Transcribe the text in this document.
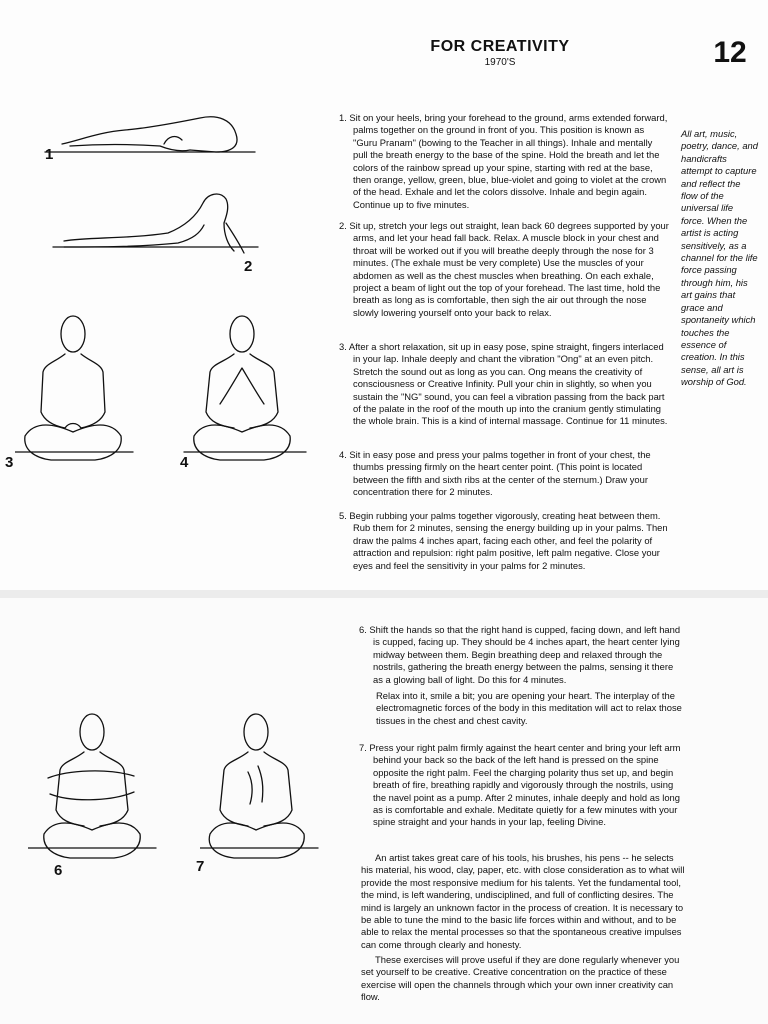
FOR CREATIVITY
1970'S	12
1
2
3	4
1. Sit on your heels, bring your forehead to the ground, arms extended forward, palms together on the ground in front of you. This position is known as "Guru Pranam" (bowing to the Teacher in all things). Inhale and mentally pull the breath energy to the base of the spine. Hold the breath and let the colors of the rainbow spread up your spine, starting with red at the base, then orange, yellow, green, blue, blue-violet and going to violet at the crown of the head. Exhale and let the colors dissolve. Inhale and begin again. Continue up to five minutes.
2. Sit up, stretch your legs out straight, lean back 60 degrees supported by your arms, and let your head fall back. Relax. A muscle block in your chest and throat will be worked out if you will breathe deeply through the nose for 3 minutes. (The exhale must be very complete) Use the muscles of your abdomen as well as the chest muscles when breathing. On each exhale, project a beam of light out the top of your forehead. The last time, hold the breath as long as is comfortable, then sigh the air out through the nose slowly lowering yourself onto your back to relax.
3. After a short relaxation, sit up in easy pose, spine straight, fingers interlaced in your lap. Inhale deeply and chant the vibration "Ong" at an even pitch. Stretch the sound out as long as you can. Ong means the creativity of consciousness or Creative Infinity. Pull your chin in slightly, so when you sustain the "NG" sound, you can feel a vibration passing from the back part of the palate in the roof of the mouth up into the cranium gently stimulating the whole brain. This is a kind of internal massage. Continue for 11 minutes.
4. Sit in easy pose and press your palms together in front of your chest, the thumbs pressing firmly on the heart center point. (This point is located between the fifth and sixth ribs at the center of the sternum.) Draw your concentration there for 2 minutes.
5. Begin rubbing your palms together vigorously, creating heat between them. Rub them for 2 minutes, sensing the energy building up in your palms. Then draw the palms 4 inches apart, facing each other, and feel the polarity of attraction and repulsion: right palm positive, left palm negative. Close your eyes and feel the sensitivity in your palms for 2 minutes.
All art, music, poetry, dance, and handicrafts attempt to capture and reflect the flow of the universal life force. When the artist is acting sensitively, as a channel for the life force passing through him, his art gains that grace and spontaneity which touches the essence of creation. In this sense, all art is worship of God.
6	7
6. Shift the hands so that the right hand is cupped, facing down, and left hand is cupped, facing up. They should be 4 inches apart, the heart center lying midway between them. Begin breathing deep and relaxed through the nostrils, gathering the breath energy between the palms, sensing it there as a glowing ball of light. Do this for 4 minutes.
Relax into it, smile a bit; you are opening your heart. The interplay of the electromagnetic forces of the body in this meditation will act to relax those tissues in the chest and chest cavity.
7. Press your right palm firmly against the heart center and bring your left arm behind your back so the back of the left hand is pressed on the spine opposite the right palm. Feel the charging polarity thus set up, and begin breath of fire, breathing rapidly and vigorously through the nostrils, using the navel point as a pump. After 2 minutes, inhale deeply and hold as long as is comfortable and exhale. Meditate quietly for a few minutes with your spine straight and your hands in your lap, feeling Divine.
An artist takes great care of his tools, his brushes, his pens -- he selects his material, his wood, clay, paper, etc. with close consideration as to what will provide the most responsive medium for his talents. Yet the fundamental tool, the mind, is left wandering, undisciplined, and full of conflicting desires. The mind is largely an unknown factor in the process of creation. It is necessary to be able to tune the mind to the basic life forces within and without, and to be able to relax the mental processes so that the spontaneous creative impulses can come through clearly and honesty.
These exercises will prove useful if they are done regularly whenever you set yourself to be creative. Creative concentration on the practice of these exercise will open the channels through which your own inner creativity can flow.
